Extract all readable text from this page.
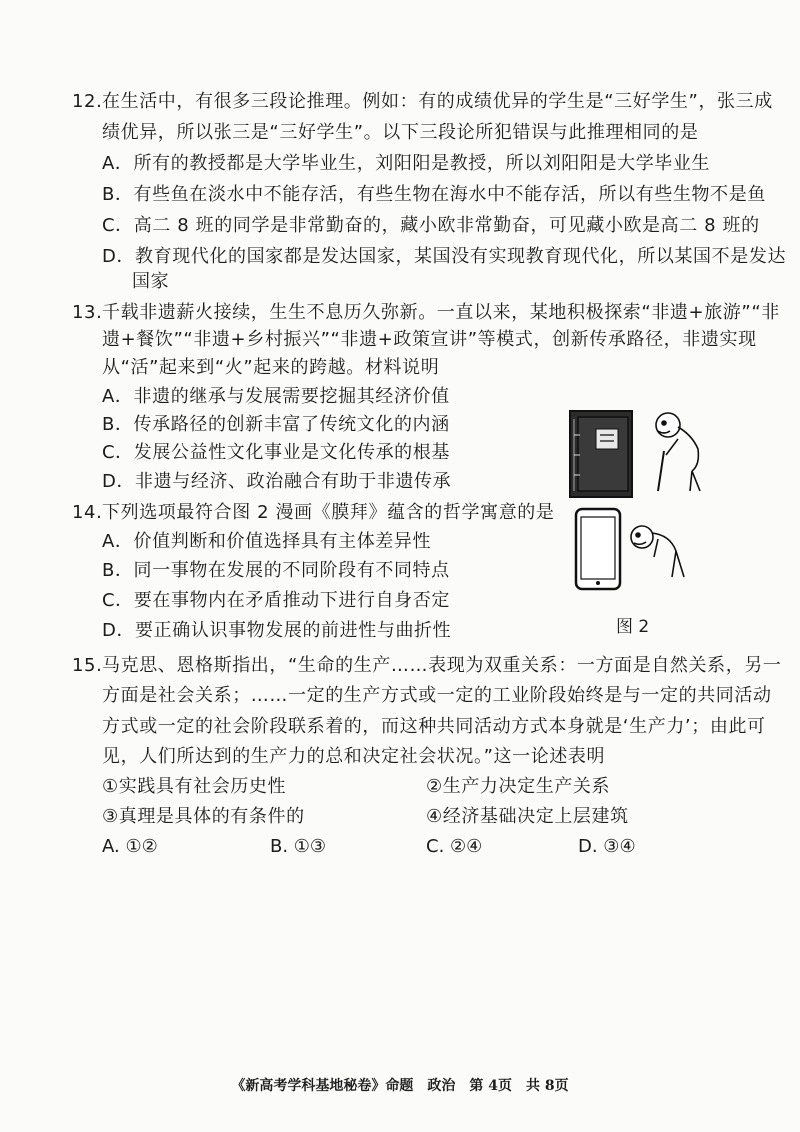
12.在生活中，有很多三段论推理。例如：有的成绩优异的学生是“三好学生”，张三成
绩优异，所以张三是“三好学生”。以下三段论所犯错误与此推理相同的是
A．所有的教授都是大学毕业生，刘阳阳是教授，所以刘阳阳是大学毕业生
B．有些鱼在淡水中不能存活，有些生物在海水中不能存活，所以有些生物不是鱼
C．高二 8 班的同学是非常勤奋的，藏小欧非常勤奋，可见藏小欧是高二 8 班的
D．教育现代化的国家都是发达国家，某国没有实现教育现代化，所以某国不是发达
国家
13.千载非遗薪火接续，生生不息历久弥新。一直以来，某地积极探索“非遗+旅游”“非
遗+餐饮”“非遗+乡村振兴”“非遗+政策宣讲”等模式，创新传承路径，非遗实现
从“活”起来到“火”起来的跨越。材料说明
A．非遗的继承与发展需要挖掘其经济价值
B．传承路径的创新丰富了传统文化的内涵
C．发展公益性文化事业是文化传承的根基
D．非遗与经济、政治融合有助于非遗传承
14.下列选项最符合图 2 漫画《膜拜》蕴含的哲学寓意的是
A．价值判断和价值选择具有主体差异性
B．同一事物在发展的不同阶段有不同特点
C．要在事物内在矛盾推动下进行自身否定
D．要正确认识事物发展的前进性与曲折性	图 2
15.马克思、恩格斯指出，“生命的生产……表现为双重关系：一方面是自然关系，另一
方面是社会关系；……一定的生产方式或一定的工业阶段始终是与一定的共同活动
方式或一定的社会阶段联系着的，而这种共同活动方式本身就是‘生产力’；由此可
见，人们所达到的生产力的总和决定社会状况。”这一论述表明
①实践具有社会历史性	②生产力决定生产关系
③真理是具体的有条件的	④经济基础决定上层建筑
A. ①②	B. ①③	C. ②④	D. ③④
《新高考学科基地秘卷》命题　政治　第 4页　共 8页
